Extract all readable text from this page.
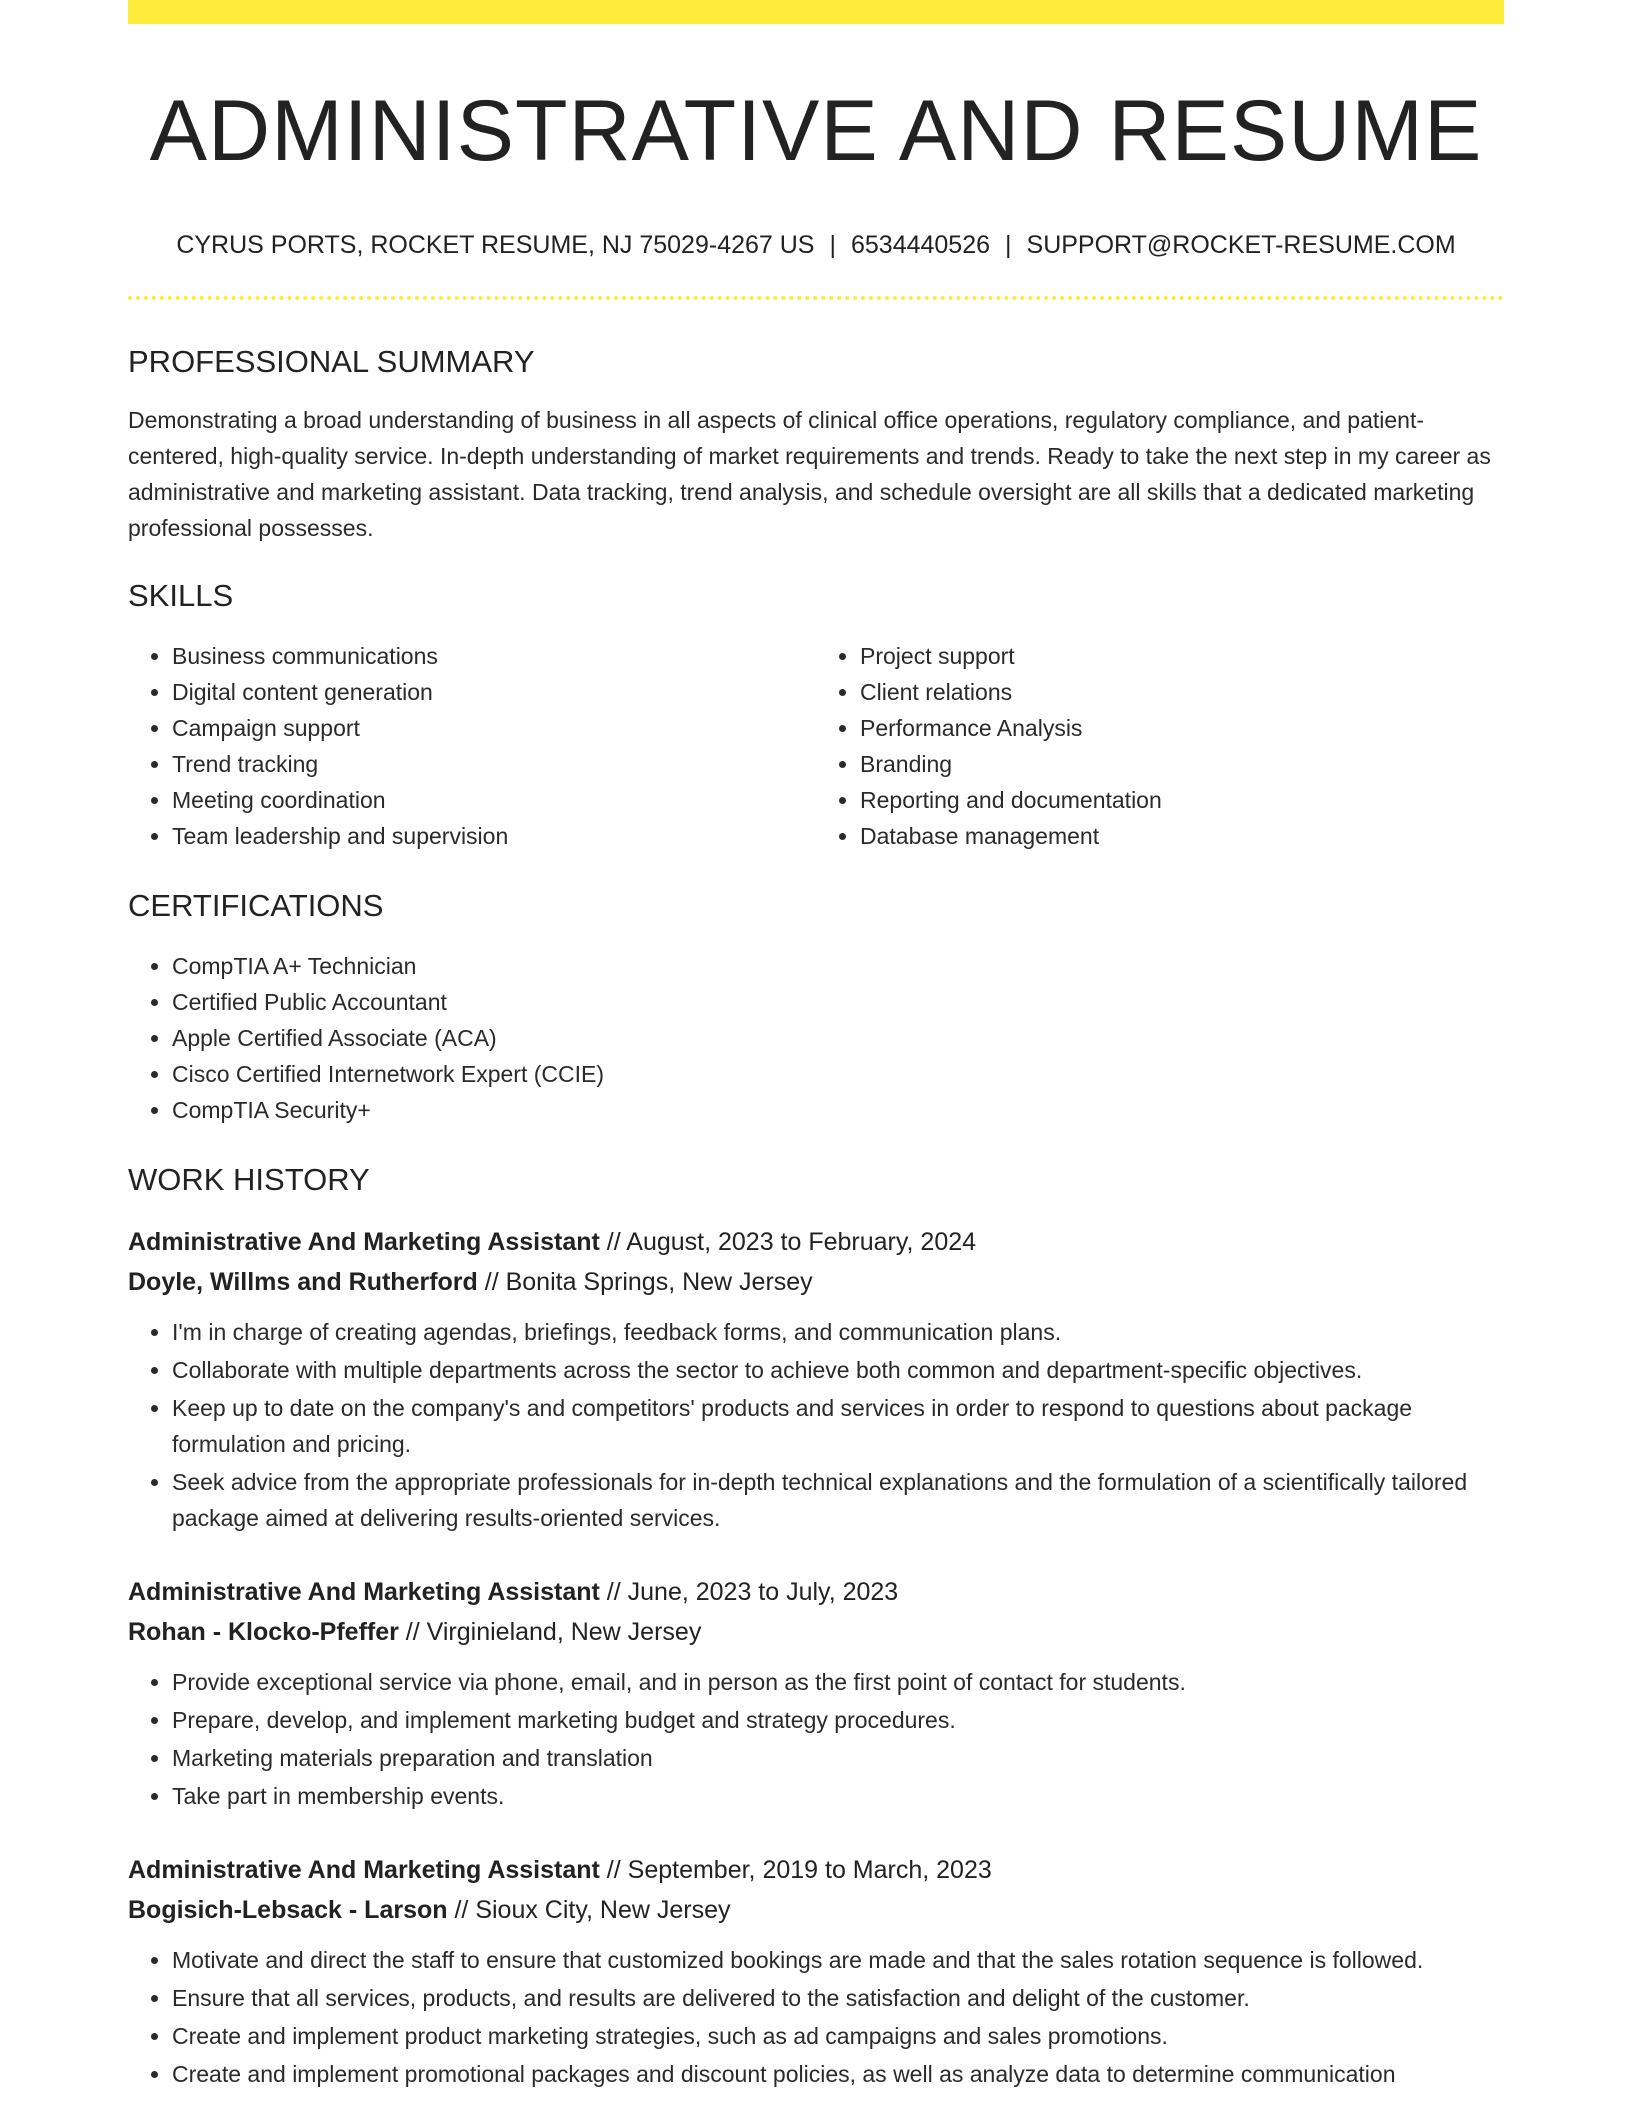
ADMINISTRATIVE AND RESUME
CYRUS PORTS, ROCKET RESUME, NJ 75029-4267 US | 6534440526 | SUPPORT@ROCKET-RESUME.COM
PROFESSIONAL SUMMARY

Demonstrating a broad understanding of business in all aspects of clinical office operations, regulatory compliance, and patient-centered, high-quality service. In-depth understanding of market requirements and trends. Ready to take the next step in my career as administrative and marketing assistant. Data tracking, trend analysis, and schedule oversight are all skills that a dedicated marketing professional possesses.

SKILLS
• Business communications
• Digital content generation
• Campaign support
• Trend tracking
• Meeting coordination
• Team leadership and supervision
• Project support
• Client relations
• Performance Analysis
• Branding
• Reporting and documentation
• Database management
CERTIFICATIONS
• CompTIA A+ Technician
• Certified Public Accountant
• Apple Certified Associate (ACA)
• Cisco Certified Internetwork Expert (CCIE)
• CompTIA Security+
WORK HISTORY
Administrative And Marketing Assistant // August, 2023 to February, 2024
Doyle, Willms and Rutherford // Bonita Springs, New Jersey
• I'm in charge of creating agendas, briefings, feedback forms, and communication plans.
• Collaborate with multiple departments across the sector to achieve both common and department-specific objectives.
• Keep up to date on the company's and competitors' products and services in order to respond to questions about package formulation and pricing.
• Seek advice from the appropriate professionals for in-depth technical explanations and the formulation of a scientifically tailored package aimed at delivering results-oriented services.
Administrative And Marketing Assistant // June, 2023 to July, 2023
Rohan - Klocko-Pfeffer // Virginieland, New Jersey
• Provide exceptional service via phone, email, and in person as the first point of contact for students.
• Prepare, develop, and implement marketing budget and strategy procedures.
• Marketing materials preparation and translation
• Take part in membership events.
Administrative And Marketing Assistant // September, 2019 to March, 2023
Bogisich-Lebsack - Larson // Sioux City, New Jersey
• Motivate and direct the staff to ensure that customized bookings are made and that the sales rotation sequence is followed.
• Ensure that all services, products, and results are delivered to the satisfaction and delight of the customer.
• Create and implement product marketing strategies, such as ad campaigns and sales promotions.
• Create and implement promotional packages and discount policies, as well as analyze data to determine communication
